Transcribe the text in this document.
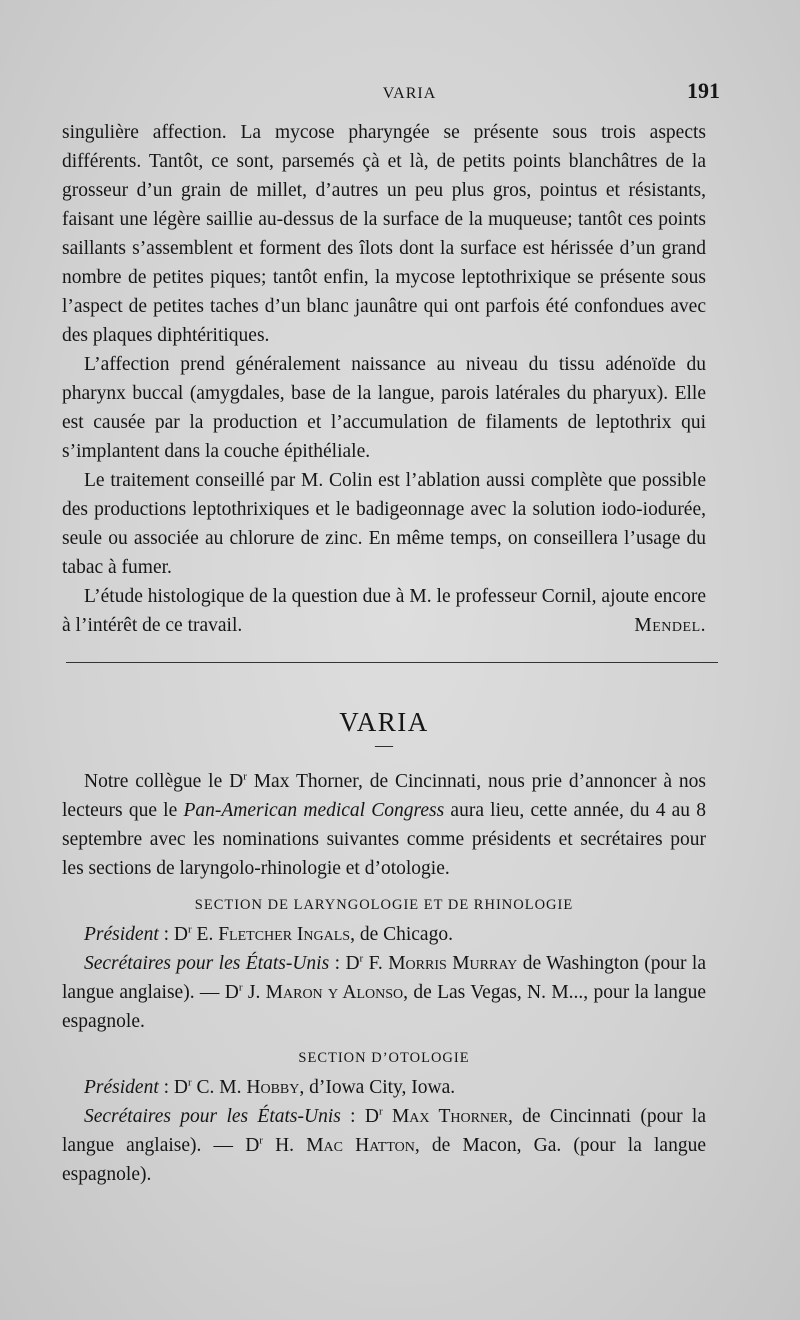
VARIA	191

singulière affection. La mycose pharyngée se présente sous trois aspects différents. Tantôt, ce sont, parsemés çà et là, de petits points blanchâtres de la grosseur d’un grain de millet, d’autres un peu plus gros, pointus et résistants, faisant une légère saillie au-dessus de la surface de la muqueuse; tantôt ces points saillants s’assemblent et forment des îlots dont la surface est hérissée d’un grand nombre de petites piques; tantôt enfin, la mycose leptothrixique se présente sous l’aspect de petites taches d’un blanc jaunâtre qui ont parfois été confondues avec des plaques diphtéritiques.

L’affection prend généralement naissance au niveau du tissu adénoïde du pharynx buccal (amygdales, base de la langue, parois latérales du pharyux). Elle est causée par la production et l’accumulation de filaments de leptothrix qui s’implantent dans la couche épithéliale.

Le traitement conseillé par M. Colin est l’ablation aussi complète que possible des productions leptothrixiques et le badigeonnage avec la solution iodo-iodurée, seule ou associée au chlorure de zinc. En même temps, on conseillera l’usage du tabac à fumer.

L’étude histologique de la question due à M. le professeur Cornil, ajoute encore à l’intérêt de ce travail.	Mendel.

VARIA
—

Notre collègue le $D^r$ Max Thorner, de Cincinnati, nous prie d’annoncer à nos lecteurs que le Pan-American medical Congress aura lieu, cette année, du 4 au 8 septembre avec les nominations suivantes comme présidents et secrétaires pour les sections de laryngolo-rhinologie et d’otologie.

SECTION DE LARYNGOLOGIE ET DE RHINOLOGIE

Président : $D^r$ E. Fletcher Ingals, de Chicago.

Secrétaires pour les États-Unis : $D^r$ F. Morris Murray de Washington (pour la langue anglaise). — $D^r$ J. Maron y Alonso, de Las Vegas, N. M..., pour la langue espagnole.

SECTION D’OTOLOGIE

Président : $D^r$ C. M. Hobby, d’Iowa City, Iowa.

Secrétaires pour les États-Unis : $D^r$ Max Thorner, de Cincinnati (pour la langue anglaise). — $D^r$ H. Mac Hatton, de Macon, Ga. (pour la langue espagnole).
